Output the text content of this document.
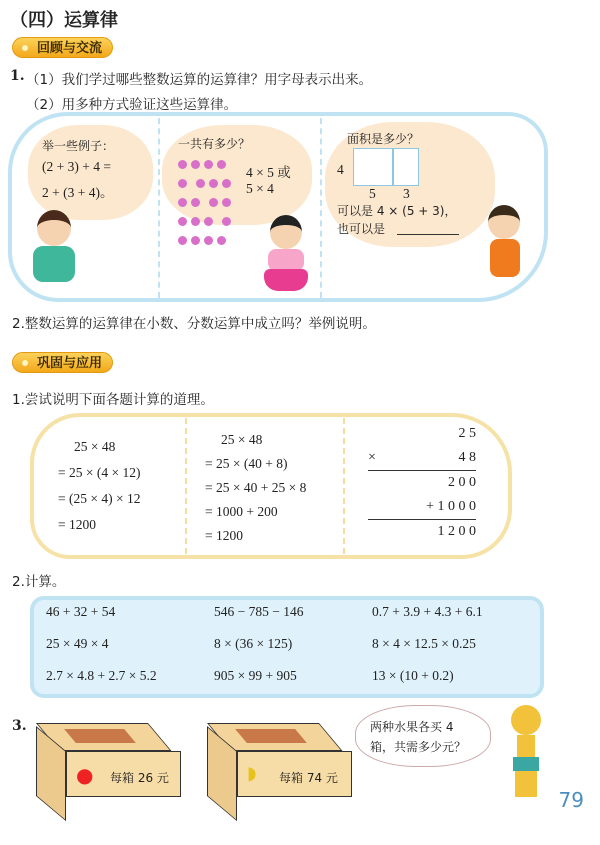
（四）运算律
回顾与交流
1. （1）我们学过哪些整数运算的运算律？用字母表示出来。
（2）用多种方式验证这些运算律。
举一些例子：
(2 + 3) + 4 =
2 + (3 + 4)。
一共有多少？

4 × 5 或
5 × 4
面积是多少？
4
5 3
可以是 4 × (5 + 3)，
也可以是
2.整数运算的运算律在小数、分数运算中成立吗？举例说明。
巩固与应用
1.尝试说明下面各题计算的道理。
25 × 48
= 25 × (4 × 12)
= (25 × 4) × 12
= 1200
25 × 48
= 25 × (40 + 8)
= 25 × 40 + 25 × 8
= 1000 + 200
= 1200
2 5
×	4 8
2 0 0
+ 1 0 0 0
1 2 0 0
2.计算。
46 + 32 + 54	546 − 785 − 146	0.7 + 3.9 + 4.3 + 6.1
25 × 49 × 4	8 × (36 × 125)	8 × 4 × 12.5 × 0.25
2.7 × 4.8 + 2.7 × 5.2	905 × 99 + 905	13 × (10 + 0.2)
● 每箱 26 元	◗ 每箱 74 元
3.	两种水果各买 4
箱，共需多少元？
79
